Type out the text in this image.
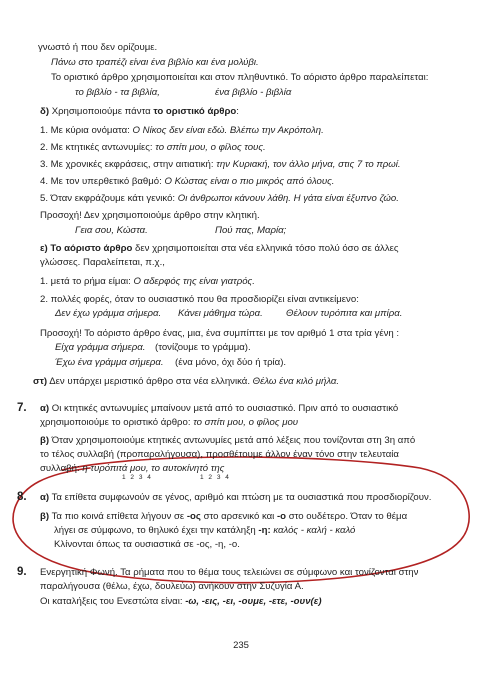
γνωστό ή που δεν ορίζουμε.
Πάνω στο τραπέζι είναι ένα βιβλίο και ένα μολύβι.
Το οριστικό άρθρο χρησιμοποιείται και στον πληθυντικό. Το αόριστο άρθρο παραλείπεται:
το βιβλίο - τα βιβλία,	ένα βιβλίο - βιβλία
δ) Χρησιμοποιούμε πάντα το οριστικό άρθρο:
1. Με κύρια ονόματα: Ο Νίκος δεν είναι εδώ. Βλέπω την Ακρόπολη.
2. Με κτητικές αντωνυμίες: το σπίτι μου, ο φίλος τους.
3. Με χρονικές εκφράσεις, στην αιτιατική: την Κυριακή, τον άλλο μήνα, στις 7 το πρωί.
4. Με τον υπερθετικό βαθμό: Ο Κώστας είναι ο πιο μικρός από όλους.
5. Όταν εκφράζουμε κάτι γενικό: Οι άνθρωποι κάνουν λάθη. Η γάτα είναι έξυπνο ζώο.
Προσοχή! Δεν χρησιμοποιούμε άρθρο στην κλητική.
Γεια σου, Κώστα.	Πού πας, Μαρία;
ε) Το αόριστο άρθρο δεν χρησιμοποιείται στα νέα ελληνικά τόσο πολύ όσο σε άλλες
γλώσσες. Παραλείπεται, π.χ.,
1. μετά το ρήμα είμαι: Ο αδερφός της είναι γιατρός.
2. πολλές φορές, όταν το ουσιαστικό που θα προσδιορίζει είναι αντικείμενο:
Δεν έχω γράμμα σήμερα. Κάνει μάθημα τώρα. Θέλουν τυρόπιτα και μπίρα.
Προσοχή! Το αόριστο άρθρο ένας, μια, ένα συμπίπτει με τον αριθμό 1 στα τρία γένη :
Είχα γράμμα σήμερα. (τονίζουμε το γράμμα).
Έχω ένα γράμμα σήμερα. (ένα μόνο, όχι δύο ή τρία).
στ) Δεν υπάρχει μεριστικό άρθρο στα νέα ελληνικά. Θέλω ένα κιλό μήλα.
7. α) Οι κτητικές αντωνυμίες μπαίνουν μετά από το ουσιαστικό. Πριν από το ουσιαστικό
χρησιμοποιούμε το οριστικό άρθρο: το σπίτι μου, ο φίλος μου
β) Όταν χρησιμοποιούμε κτητικές αντωνυμίες μετά από λέξεις που τονίζονται στη 3η από
το τέλος συλλαβή (προπαραλήγουσα), προσθέτουμε άλλον έναν τόνο στην τελευταία
συλλαβή: η τυρόπιτά μου, το αυτοκίνητό της
1 2 3 4	1 2 3 4
8. α) Τα επίθετα συμφωνούν σε γένος, αριθμό και πτώση με τα ουσιαστικά που προσδιορίζουν.
β) Τα πιο κοινά επίθετα λήγουν σε -ος στο αρσενικό και -ο στο ουδέτερο. Όταν το θέμα
λήγει σε σύμφωνο, το θηλυκό έχει την κατάληξη -η: καλός - καλή - καλό
Κλίνονται όπως τα ουσιαστικά σε -ος, -η, -ο.
9. Ενεργητική Φωνή. Τα ρήματα που το θέμα τους τελειώνει σε σύμφωνο και τονίζονται στην
παραλήγουσα (θέλω, έχω, δουλεύω) ανήκουν στην Συζυγία Α.
Οι καταλήξεις του Ενεστώτα είναι: -ω, -εις, -ει, -ουμε, -ετε, -ουν(ε)
235
